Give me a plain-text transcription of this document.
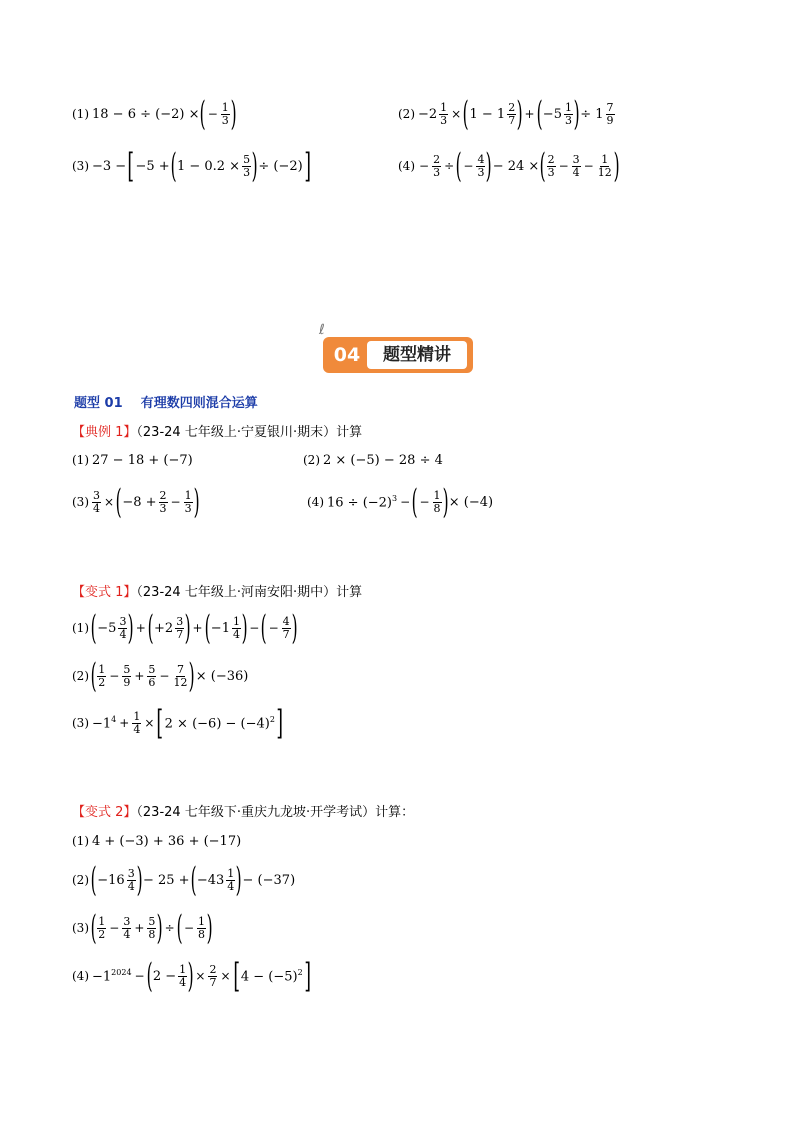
(1) 18 − 6 ÷ (−2) × ( − $\frac{1}{3}$ )	$(2) -2 \frac{1}{3}$ × ( $1 - 1 \frac{2}{7}$ ) + ( $-5 \frac{1}{3}$ ) ÷ $1 \frac{7}{9}$
(3) −3 − [ −5 + ( $1 - 0.2 \times \frac{5}{3}$ ) ÷ (−2) ]	$(4) - \frac{2}{3}$ ÷ ( − $\frac{4}{3}$ ) − 24 × ( $\frac{2}{3} - \frac{3}{4} - \frac{1}{12}$ )
ℓ
04	题型精讲
题型 01    有理数四则混合运算
【典例 1】（23-24 七年级上·宁夏银川·期末）计算
(1) 27 − 18 + (−7)	(2) 2 × (−5) − 28 ÷ 4
$(3) \frac{3}{4}$ × ( $-8 + \frac{2}{3} - \frac{1}{3}$ )	(4) $16 \div (-2)^3$ − ( − $\frac{1}{8}$ ) × (−4)
【变式 1】（23-24 七年级上·河南安阳·期中）计算
(1) ( $-5 \frac{3}{4}$ ) + ( $+2 \frac{3}{7}$ ) + ( $-1 \frac{1}{4}$ ) − ( − $\frac{4}{7}$ )
(2) ( $\frac{1}{2} - \frac{5}{9} + \frac{5}{6} - \frac{7}{12}$ ) × (−36)
$(3) -1^4 + \frac{1}{4}$ × [ $2 \times (-6) - (-4)^2$ ]
【变式 2】（23-24 七年级下·重庆九龙坡·开学考试）计算：
(1) 4 + (−3) + 36 + (−17)
(2) ( $-16 \frac{3}{4}$ ) − 25 + ( $-43 \frac{1}{4}$ ) − (−37)
(3) ( $\frac{1}{2} - \frac{3}{4} + \frac{5}{8}$ ) ÷ ( − $\frac{1}{8}$ )
$(4) -1^{2024}$ − ( $2 - \frac{1}{4}$ ) × $\frac{2}{7}$ × [ $4 - (-5)^2$ ]
